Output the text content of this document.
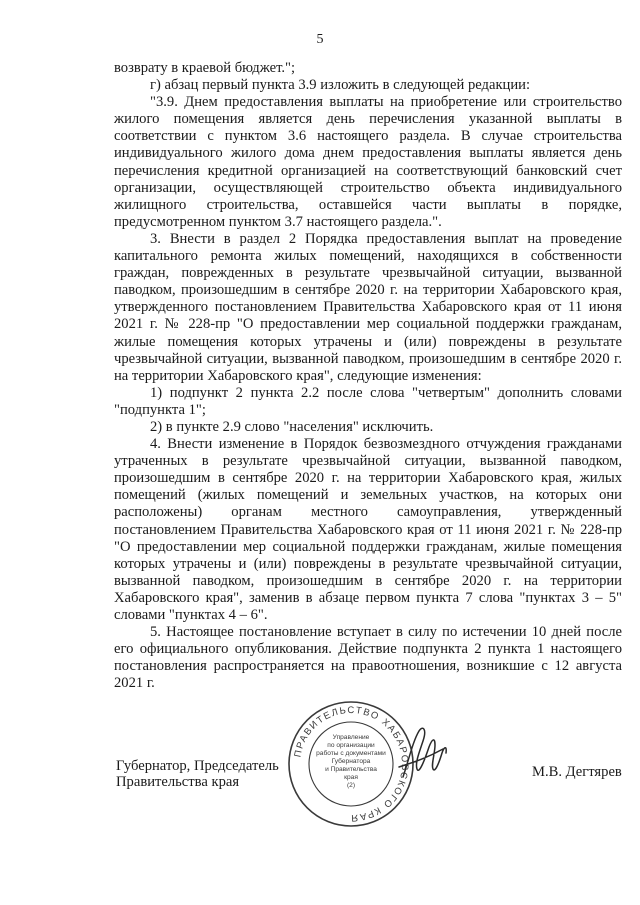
5

возврату в краевой бюджет.";

г) абзац первый пункта 3.9 изложить в следующей редакции:

"3.9. Днем предоставления выплаты на приобретение или строительство жилого помещения является день перечисления указанной выплаты в соответствии с пунктом 3.6 настоящего раздела. В случае строительства индивидуального жилого дома днем предоставления выплаты является день перечисления кредитной организацией на соответствующий банковский счет организации, осуществляющей строительство объекта индивидуального жилищного строительства, оставшейся части выплаты в порядке, предусмотренном пунктом 3.7 настоящего раздела.".

3. Внести в раздел 2 Порядка предоставления выплат на проведение капитального ремонта жилых помещений, находящихся в собственности граждан, поврежденных в результате чрезвычайной ситуации, вызванной паводком, произошедшим в сентябре 2020 г. на территории Хабаровского края, утвержденного постановлением Правительства Хабаровского края от 11 июня 2021 г. № 228-пр "О предоставлении мер социальной поддержки гражданам, жилые помещения которых утрачены и (или) повреждены в результате чрезвычайной ситуации, вызванной паводком, произошедшим в сентябре 2020 г. на территории Хабаровского края", следующие изменения:

1) подпункт 2 пункта 2.2 после слова "четвертым" дополнить словами "подпункта 1";

2) в пункте 2.9 слово "населения" исключить.

4. Внести изменение в Порядок безвозмездного отчуждения гражданами утраченных в результате чрезвычайной ситуации, вызванной паводком, произошедшим в сентябре 2020 г. на территории Хабаровского края, жилых помещений (жилых помещений и земельных участков, на которых они расположены) органам местного самоуправления, утвержденный постановлением Правительства Хабаровского края от 11 июня 2021 г. № 228-пр "О предоставлении мер социальной поддержки гражданам, жилые помещения которых утрачены и (или) повреждены в результате чрезвычайной ситуации, вызванной паводком, произошедшим в сентябре 2020 г. на территории Хабаровского края", заменив в абзаце первом пункта 7 слова "пунктах 3 – 5" словами "пунктах 4 – 6".

5. Настоящее постановление вступает в силу по истечении 10 дней после его официального опубликования. Действие подпункта 2 пункта 1 настоящего постановления распространяется на правоотношения, возникшие с 12 августа 2021 г.

Губернатор, Председатель
Правительства края
М.В. Дегтярев
ПРАВИТЕЛЬСТВО ХАБАРОВСКОГО КРАЯ
Управление
по организации
работы с документами
Губернатора
и Правительства
края
(2)
